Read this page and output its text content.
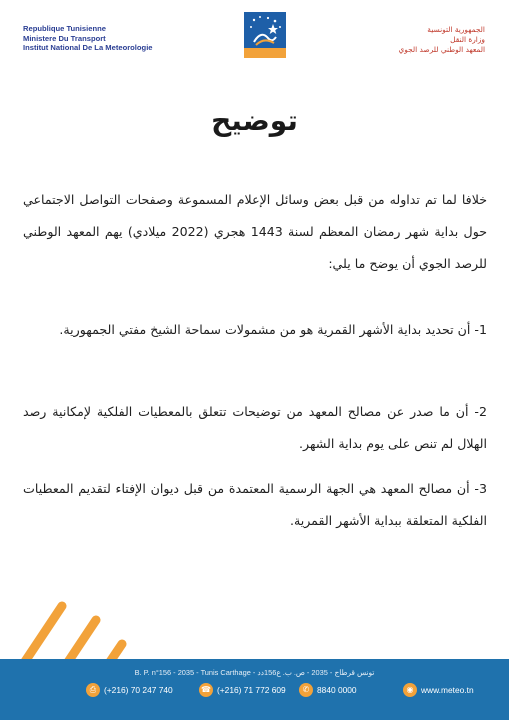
Republique Tunisienne
Ministere Du Transport
Institut National De La Meteorologie
الجمهورية التونسية
وزارة النقل
المعهد الوطني للرصد الجوي
توضيح
خلافا لما تم تداوله من قبل بعض وسائل الإعلام المسموعة وصفحات التواصل الاجتماعي حول بداية شهر رمضان المعظم لسنة 1443 هجري (2022 ميلادي) يهم المعهد الوطني للرصد الجوي أن يوضح ما يلي:
1- أن تحديد بداية الأشهر القمرية هو من مشمولات سماحة الشيخ مفتي الجمهورية.
2- أن ما صدر عن مصالح المعهد من توضيحات تتعلق بالمعطيات الفلكية لإمكانية رصد الهلال لم تنص على يوم بداية الشهر.
3- أن مصالح المعهد هي الجهة الرسمية المعتمدة من قبل ديوان الإفتاء لتقديم المعطيات الفلكية المتعلقة ببداية الأشهر القمرية.
B. P. n°156 - 2035 - Tunis Carthage - تونس قرطاج - 2035 - ص. ب. ع156دد
⎙ (+216) 70 247 740	☎ (+216) 71 772 609	✆ 8840 0000	◉ www.meteo.tn
